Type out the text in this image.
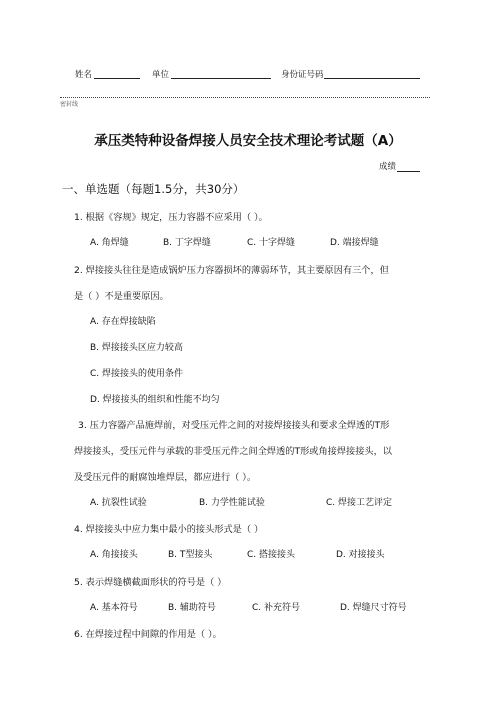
姓名	单位	身份证号码
密封线
承压类特种设备焊接人员安全技术理论考试题（A）
成绩
一、单选题（每题1.5分，共30分）
1. 根据《容规》规定，压力容器不应采用（ ）。
A. 角焊缝	B. 丁字焊缝	C. 十字焊缝	D. 端接焊缝
2. 焊接接头往往是造成锅炉压力容器损坏的薄弱环节，其主要原因有三个，但
是（ ）不是重要原因。
A. 存在焊接缺陷
B. 焊接接头区应力较高
C. 焊接接头的使用条件
D. 焊接接头的组织和性能不均匀
3. 压力容器产品施焊前，对受压元件之间的对接焊接接头和要求全焊透的T形
焊接接头，受压元件与承载的非受压元件之间全焊透的T形或角接焊接接头，以
及受压元件的耐腐蚀堆焊层，都应进行（ ）。
A. 抗裂性试验	B. 力学性能试验	C. 焊接工艺评定
4. 焊接接头中应力集中最小的接头形式是（ ）
A. 角接接头	B. T型接头	C. 搭接接头	D. 对接接头
5. 表示焊缝横截面形状的符号是（ ）
A. 基本符号	B. 辅助符号	C. 补充符号	D. 焊缝尺寸符号
6. 在焊接过程中间隙的作用是（ ）。
